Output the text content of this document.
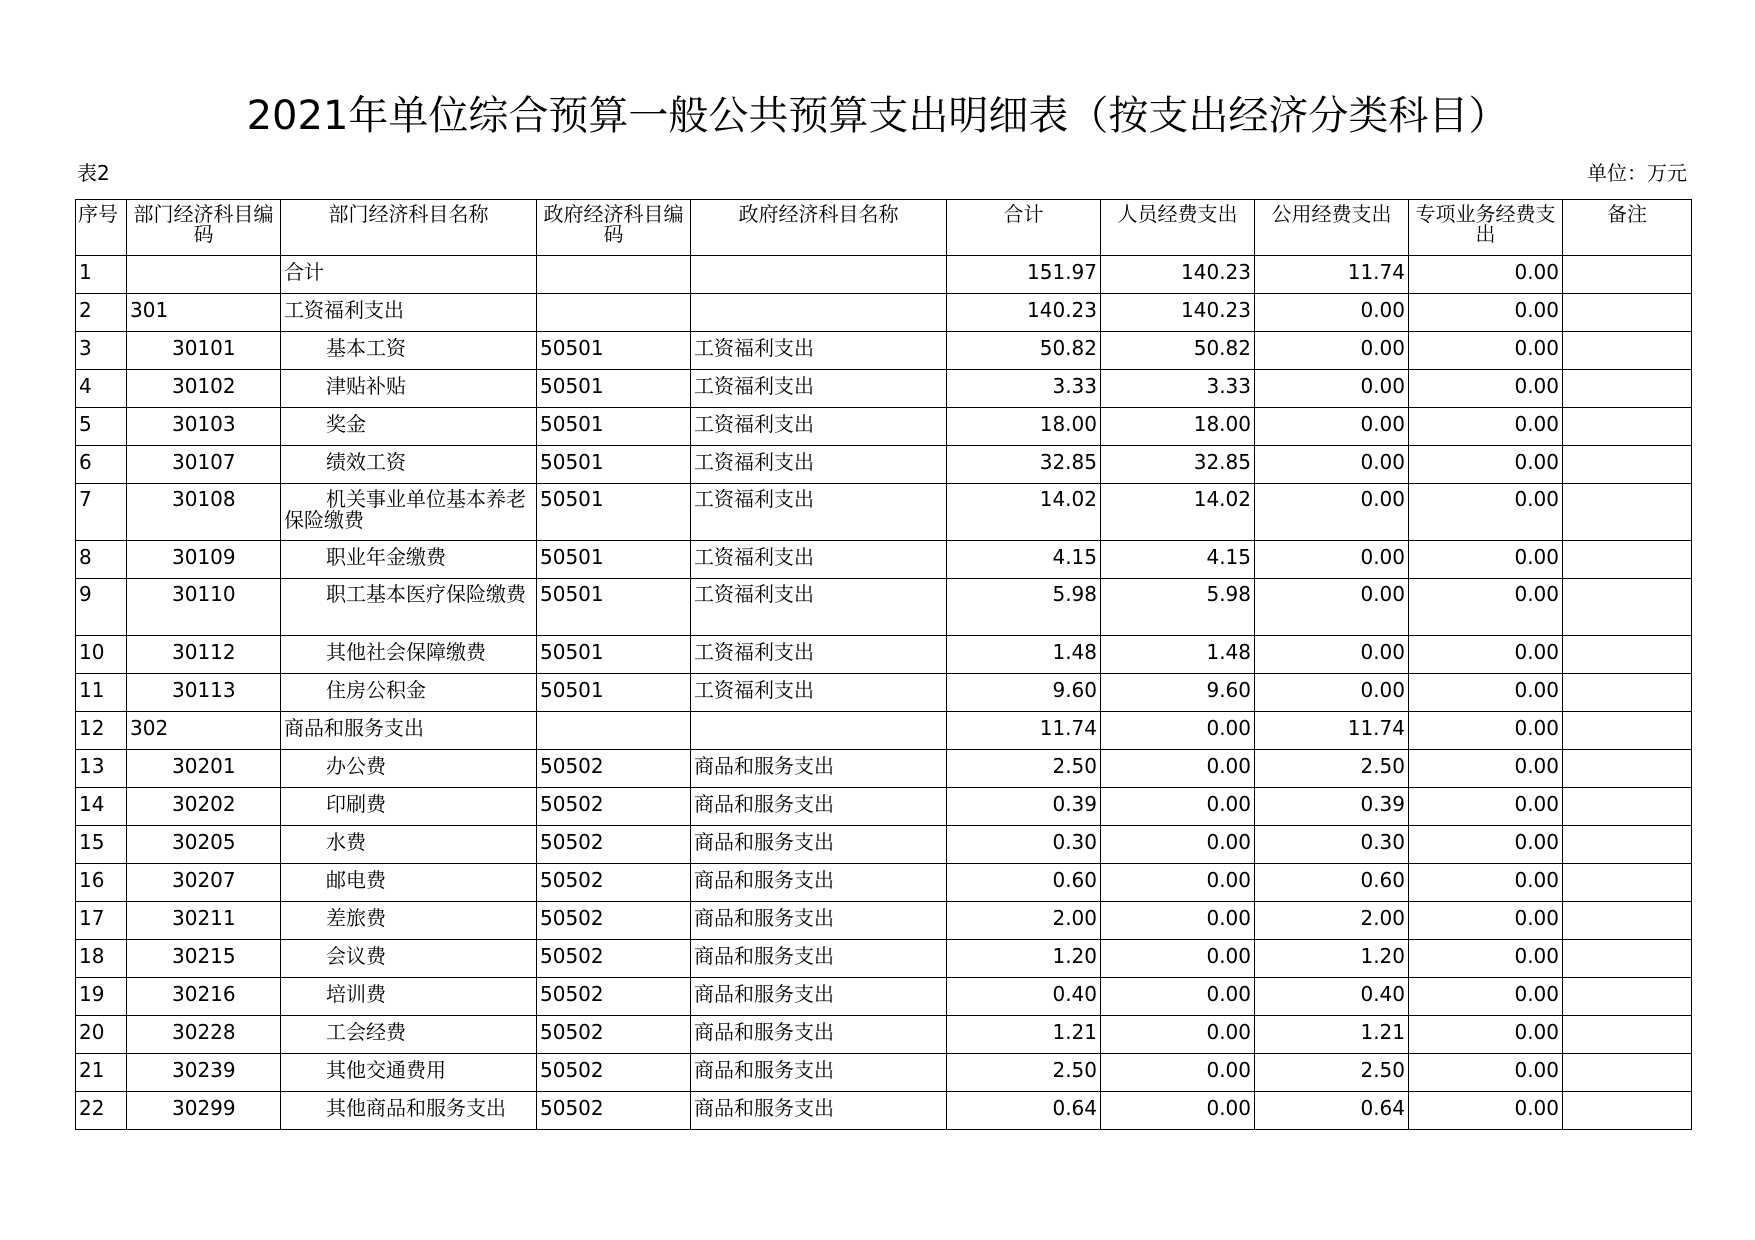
2021年单位综合预算一般公共预算支出明细表（按支出经济分类科目）
表2	单位：万元
序号	部门经济科目编码	部门经济科目名称	政府经济科目编码	政府经济科目名称	合计	人员经费支出	公用经费支出	专项业务经费支出	备注
1		合计			151.97	140.23	11.74	0.00	
2	301	工资福利支出			140.23	140.23	0.00	0.00	
3	30101	基本工资	50501	工资福利支出	50.82	50.82	0.00	0.00	
4	30102	津贴补贴	50501	工资福利支出	3.33	3.33	0.00	0.00	
5	30103	奖金	50501	工资福利支出	18.00	18.00	0.00	0.00	
6	30107	绩效工资	50501	工资福利支出	32.85	32.85	0.00	0.00	
7	30108	机关事业单位基本养老保险缴费	50501	工资福利支出	14.02	14.02	0.00	0.00	
8	30109	职业年金缴费	50501	工资福利支出	4.15	4.15	0.00	0.00	
9	30110	职工基本医疗保险缴费	50501	工资福利支出	5.98	5.98	0.00	0.00	
10	30112	其他社会保障缴费	50501	工资福利支出	1.48	1.48	0.00	0.00	
11	30113	住房公积金	50501	工资福利支出	9.60	9.60	0.00	0.00	
12	302	商品和服务支出			11.74	0.00	11.74	0.00	
13	30201	办公费	50502	商品和服务支出	2.50	0.00	2.50	0.00	
14	30202	印刷费	50502	商品和服务支出	0.39	0.00	0.39	0.00	
15	30205	水费	50502	商品和服务支出	0.30	0.00	0.30	0.00	
16	30207	邮电费	50502	商品和服务支出	0.60	0.00	0.60	0.00	
17	30211	差旅费	50502	商品和服务支出	2.00	0.00	2.00	0.00	
18	30215	会议费	50502	商品和服务支出	1.20	0.00	1.20	0.00	
19	30216	培训费	50502	商品和服务支出	0.40	0.00	0.40	0.00	
20	30228	工会经费	50502	商品和服务支出	1.21	0.00	1.21	0.00	
21	30239	其他交通费用	50502	商品和服务支出	2.50	0.00	2.50	0.00	
22	30299	其他商品和服务支出	50502	商品和服务支出	0.64	0.00	0.64	0.00	
